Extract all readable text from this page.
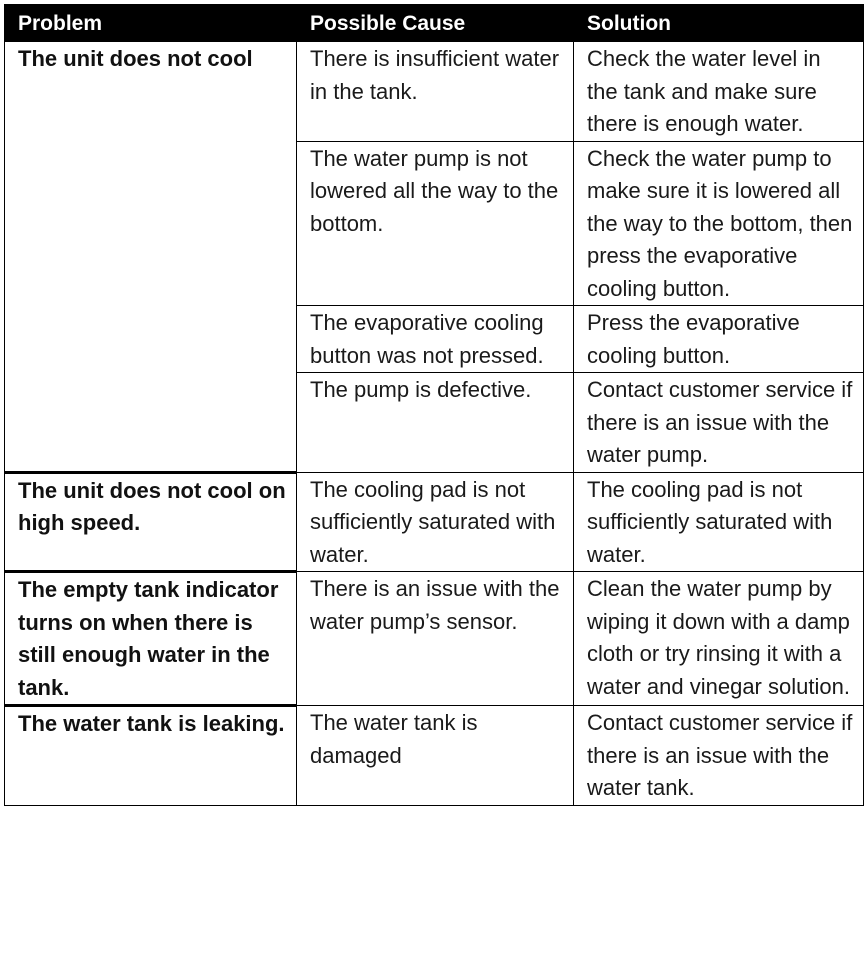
Problem	Possible Cause	Solution
The unit does not cool	There is insufficient water in the tank.	Check the water level in the tank and make sure there is enough water.
	The water pump is not lowered all the way to the bottom.	Check the water pump to make sure it is lowered all the way to the bottom, then press the evaporative cooling button.
	The evaporative cooling button was not pressed.	Press the evaporative cooling button.
	The pump is defective.	Contact customer service if there is an issue with the water pump.
The unit does not cool on high speed.	The cooling pad is not sufficiently saturated with water.	The cooling pad is not sufficiently saturated with water.
The empty tank indicator turns on when there is still enough water in the tank.	There is an issue with the water pump’s sensor.	Clean the water pump by wiping it down with a damp cloth or try rinsing it with a water and vinegar solution.
The water tank is leaking.	The water tank is damaged	Contact customer service if there is an issue with the water tank.
